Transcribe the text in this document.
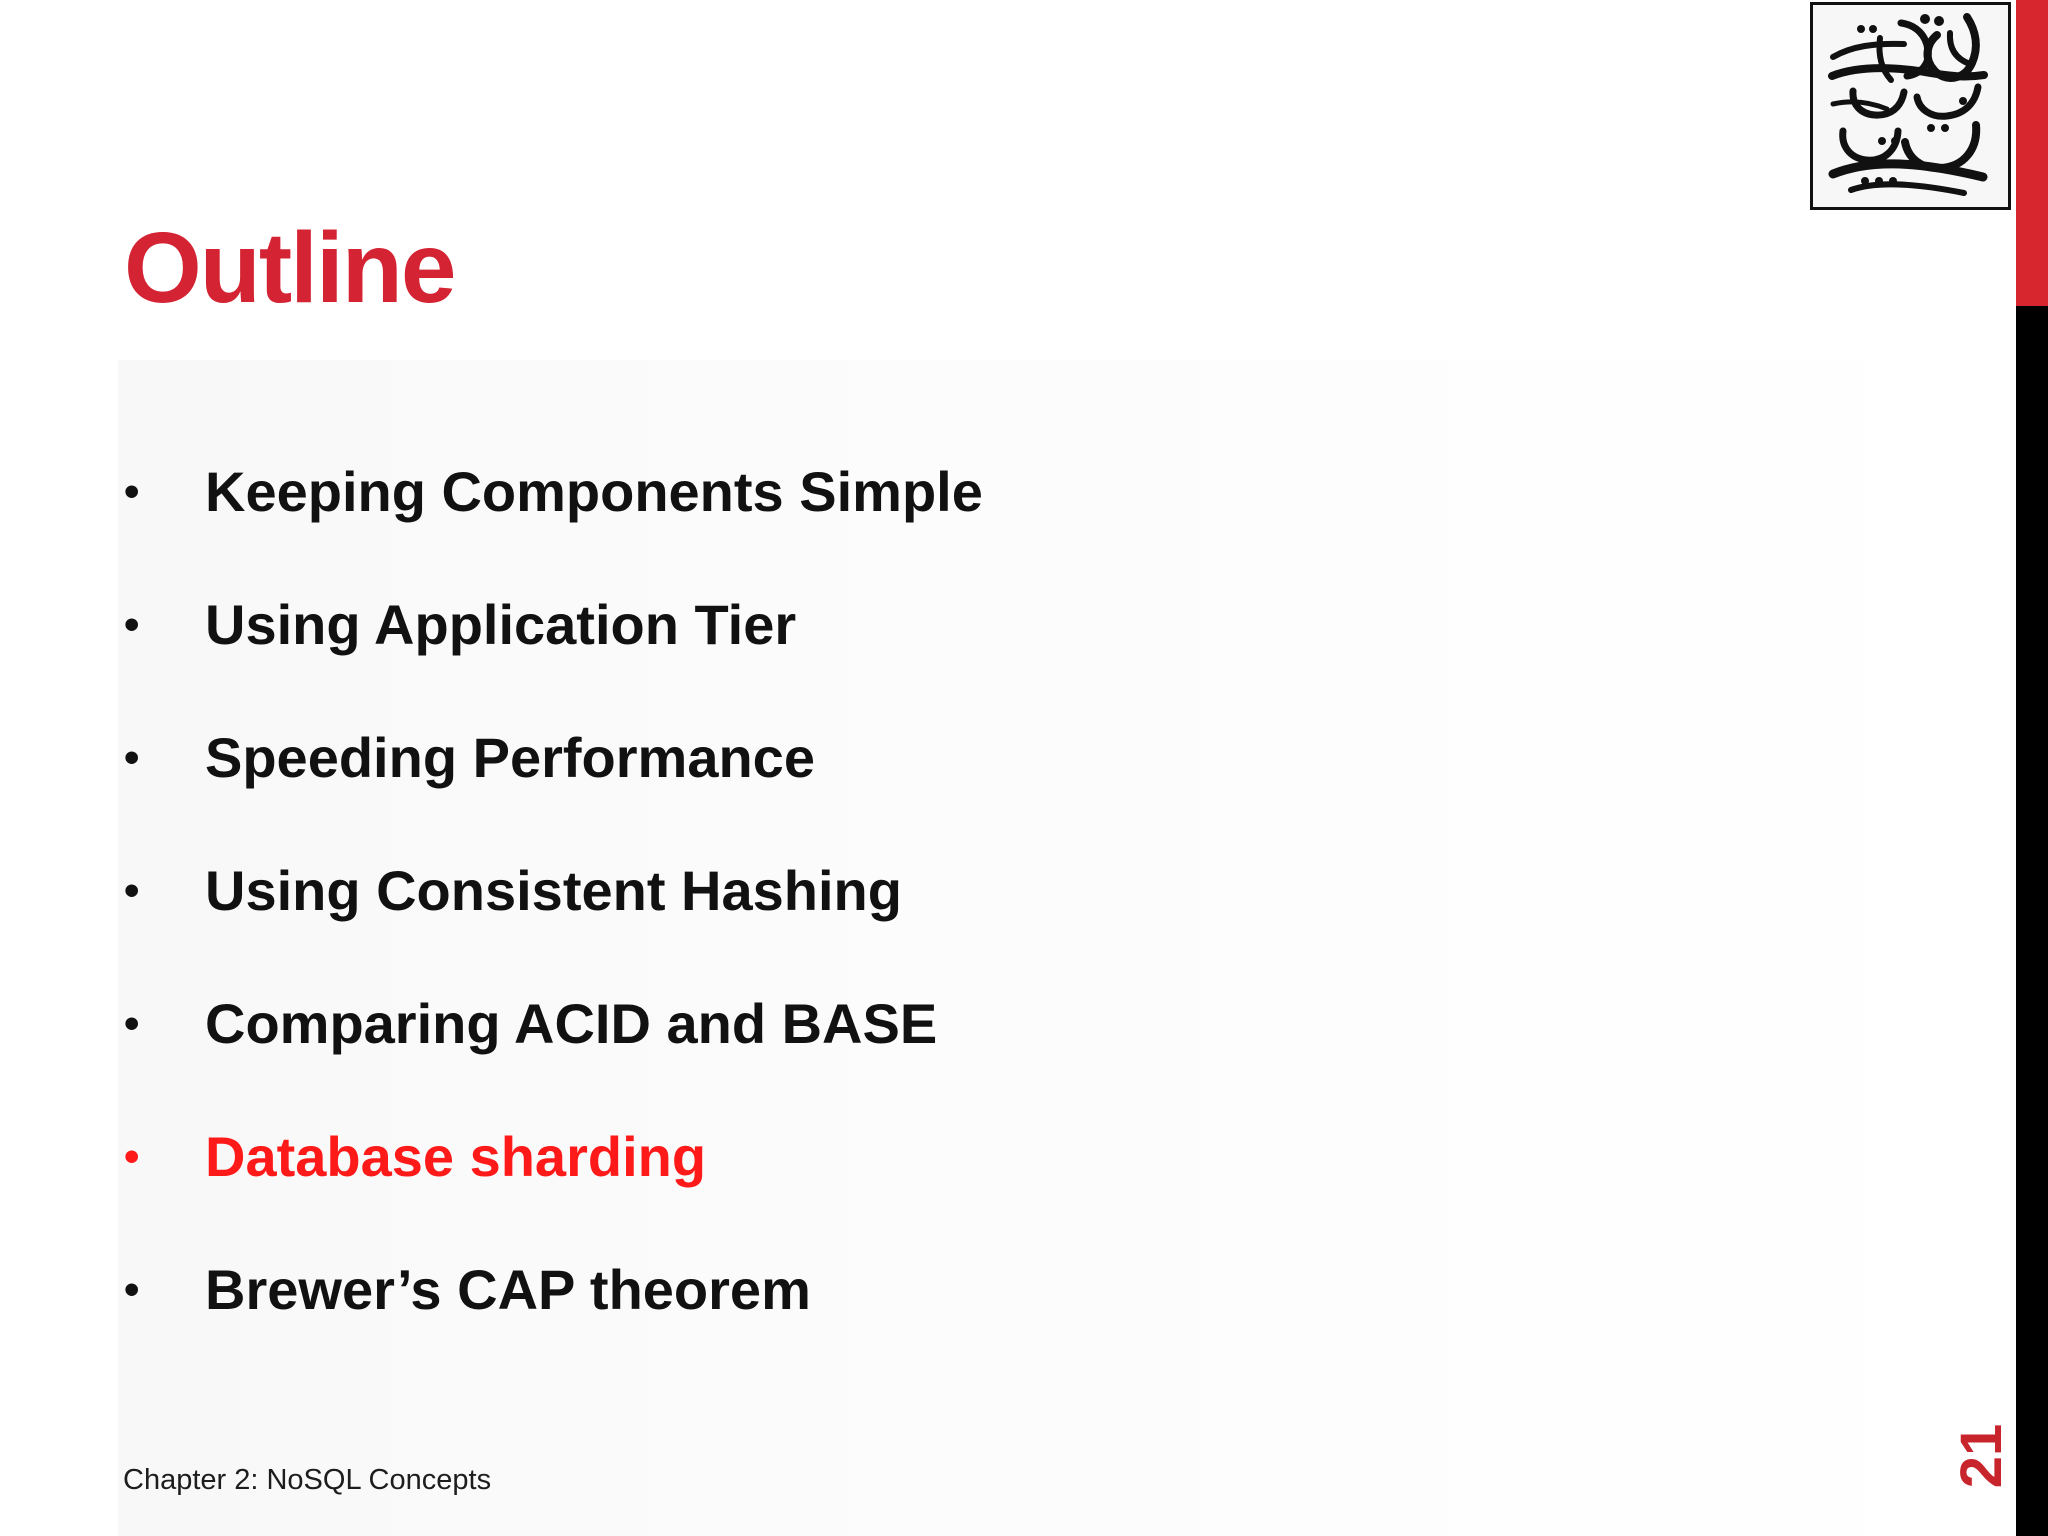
Outline
•	Keeping Components Simple
•	Using Application Tier
•	Speeding Performance
•	Using Consistent Hashing
•	Comparing ACID and BASE
•	Database sharding
•	Brewer’s CAP theorem

Chapter 2: NoSQL Concepts	21
